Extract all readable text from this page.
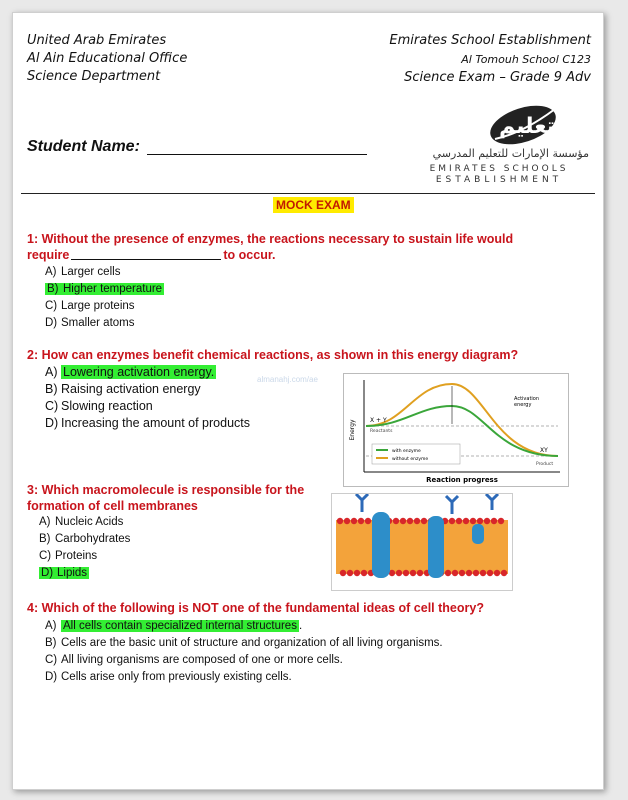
United Arab Emirates
Al Ain Educational Office
Science Department
Emirates School Establishment
Al Tomouh School C123
Science Exam – Grade 9 Adv
Student Name:
تعليم
مؤسسة الإمارات للتعليم المدرسي
EMIRATES SCHOOLS
ESTABLISHMENT
MOCK EXAM
1: Without the presence of enzymes, the reactions necessary to sustain life would
require	to occur.
A) Larger cells
B) Higher temperature
C) Large proteins
D) Smaller atoms
2: How can enzymes benefit chemical reactions, as shown in this energy diagram?
A) Lowering activation energy.
B) Raising activation energy
C) Slowing reaction
D) Increasing the amount of products
almanahj.com/ae
Energy
Reaction progress
X + Y
Reactants
Activation
energy
XY
Product
with enzyme
without enzyme
3: Which macromolecule is responsible for the
formation of cell membranes
A) Nucleic Acids
B) Carbohydrates
C) Proteins
D) Lipids
4: Which of the following is NOT one of the fundamental ideas of cell theory?
A) All cells contain specialized internal structures .
B) Cells are the basic unit of structure and organization of all living organisms.
C) All living organisms are composed of one or more cells.
D) Cells arise only from previously existing cells.
